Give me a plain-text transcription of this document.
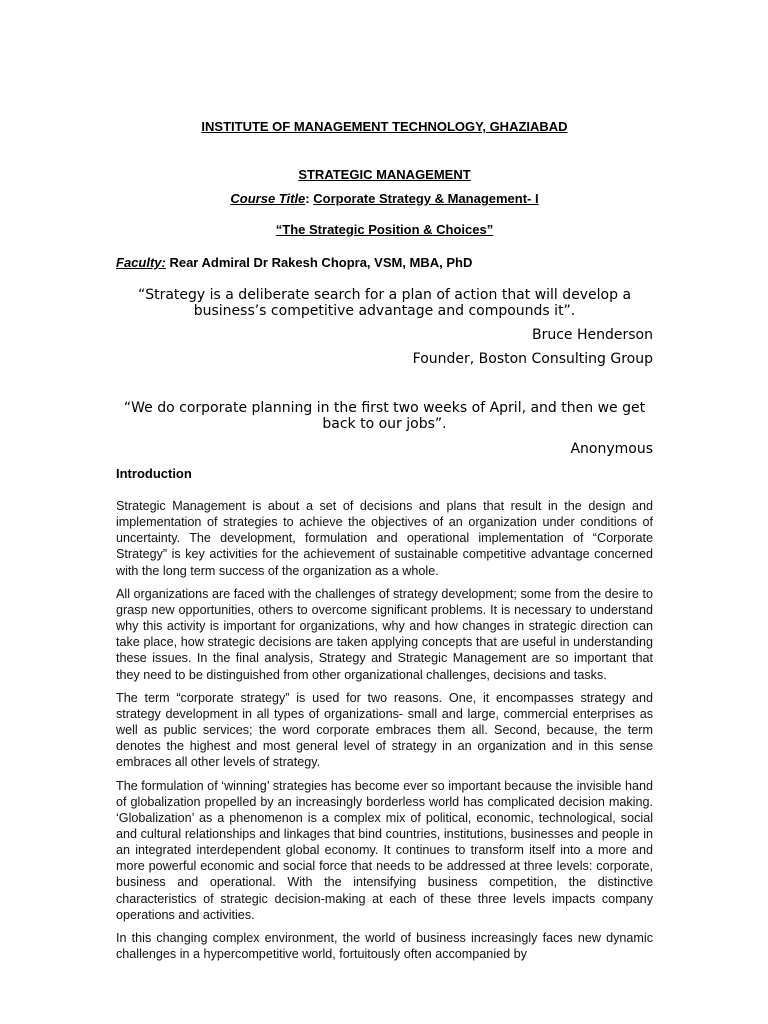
INSTITUTE OF MANAGEMENT TECHNOLOGY, GHAZIABAD
STRATEGIC MANAGEMENT
Course Title: Corporate Strategy & Management- I
“The Strategic Position & Choices”
Faculty: Rear Admiral Dr Rakesh Chopra, VSM, MBA, PhD
“Strategy is a deliberate search for a plan of action that will develop a business’s competitive advantage and compounds it”.
Bruce Henderson
Founder, Boston Consulting Group
“We do corporate planning in the first two weeks of April, and then we get back to our jobs”.
Anonymous
Introduction

Strategic Management is about a set of decisions and plans that result in the design and implementation of strategies to achieve the objectives of an organization under conditions of uncertainty. The development, formulation and operational implementation of “Corporate Strategy” is key activities for the achievement of sustainable competitive advantage concerned with the long term success of the organization as a whole.

All organizations are faced with the challenges of strategy development; some from the desire to grasp new opportunities, others to overcome significant problems. It is necessary to understand why this activity is important for organizations, why and how changes in strategic direction can take place, how strategic decisions are taken applying concepts that are useful in understanding these issues. In the final analysis, Strategy and Strategic Management are so important that they need to be distinguished from other organizational challenges, decisions and tasks.

The term “corporate strategy” is used for two reasons. One, it encompasses strategy and strategy development in all types of organizations- small and large, commercial enterprises as well as public services; the word corporate embraces them all. Second, because, the term denotes the highest and most general level of strategy in an organization and in this sense embraces all other levels of strategy.

The formulation of ‘winning’ strategies has become ever so important because the invisible hand of globalization propelled by an increasingly borderless world has complicated decision making. ‘Globalization’ as a phenomenon is a complex mix of political, economic, technological, social and cultural relationships and linkages that bind countries, institutions, businesses and people in an integrated interdependent global economy. It continues to transform itself into a more and more powerful economic and social force that needs to be addressed at three levels: corporate, business and operational. With the intensifying business competition, the distinctive characteristics of strategic decision-making at each of these three levels impacts company operations and activities.

In this changing complex environment, the world of business increasingly faces new dynamic challenges in a hypercompetitive world, fortuitously often accompanied by
